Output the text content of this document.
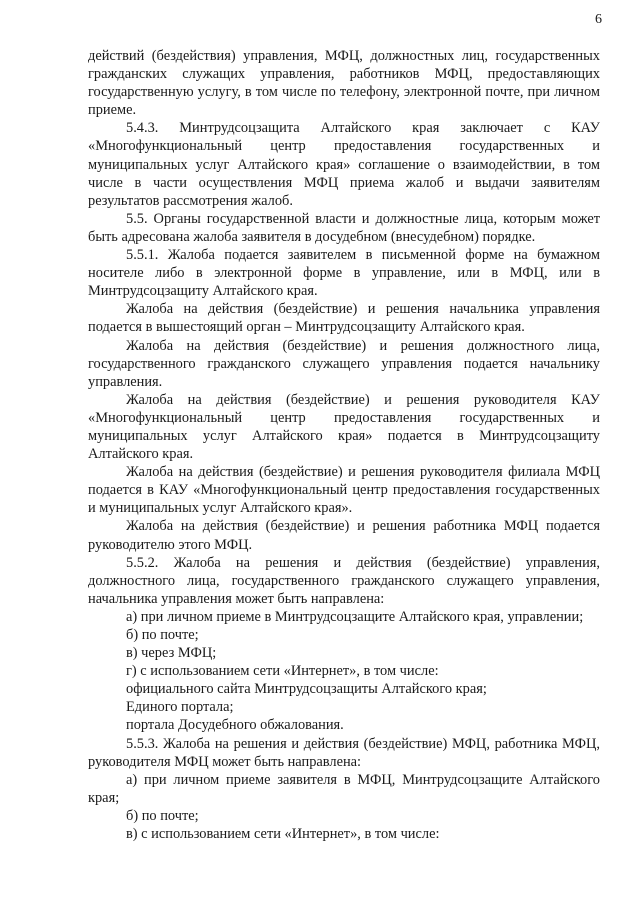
6

действий (бездействия) управления, МФЦ, должностных лиц, государственных гражданских служащих управления, работников МФЦ, предоставляющих государственную услугу, в том числе по телефону, электронной почте, при личном приеме.

5.4.3. Минтрудсоцзащита Алтайского края заключает с КАУ «Многофункциональный центр предоставления государственных и муниципальных услуг Алтайского края» соглашение о взаимодействии, в том числе в части осуществления МФЦ приема жалоб и выдачи заявителям результатов рассмотрения жалоб.

5.5. Органы государственной власти и должностные лица, которым может быть адресована жалоба заявителя в досудебном (внесудебном) порядке.

5.5.1. Жалоба подается заявителем в письменной форме на бумажном носителе либо в электронной форме в управление, или в МФЦ, или в Минтрудсоцзащиту Алтайского края.

Жалоба на действия (бездействие) и решения начальника управления подается в вышестоящий орган – Минтрудсоцзащиту Алтайского края.

Жалоба на действия (бездействие) и решения должностного лица, государственного гражданского служащего управления подается начальнику управления.

Жалоба на действия (бездействие) и решения руководителя КАУ «Многофункциональный центр предоставления государственных и муниципальных услуг Алтайского края» подается в Минтрудсоцзащиту Алтайского края.

Жалоба на действия (бездействие) и решения руководителя филиала МФЦ подается в КАУ «Многофункциональный центр предоставления государственных и муниципальных услуг Алтайского края».

Жалоба на действия (бездействие) и решения работника МФЦ подается руководителю этого МФЦ.

5.5.2. Жалоба на решения и действия (бездействие) управления, должностного лица, государственного гражданского служащего управления, начальника управления может быть направлена:

а) при личном приеме в Минтрудсоцзащите Алтайского края, управлении;

б) по почте;

в) через МФЦ;

г) с использованием сети «Интернет», в том числе:

официального сайта Минтрудсоцзащиты Алтайского края;

Единого портала;

портала Досудебного обжалования.

5.5.3. Жалоба на решения и действия (бездействие) МФЦ, работника МФЦ, руководителя МФЦ может быть направлена:

а) при личном приеме заявителя в МФЦ, Минтрудсоцзащите Алтайского края;

б) по почте;

в) с использованием сети «Интернет», в том числе:
